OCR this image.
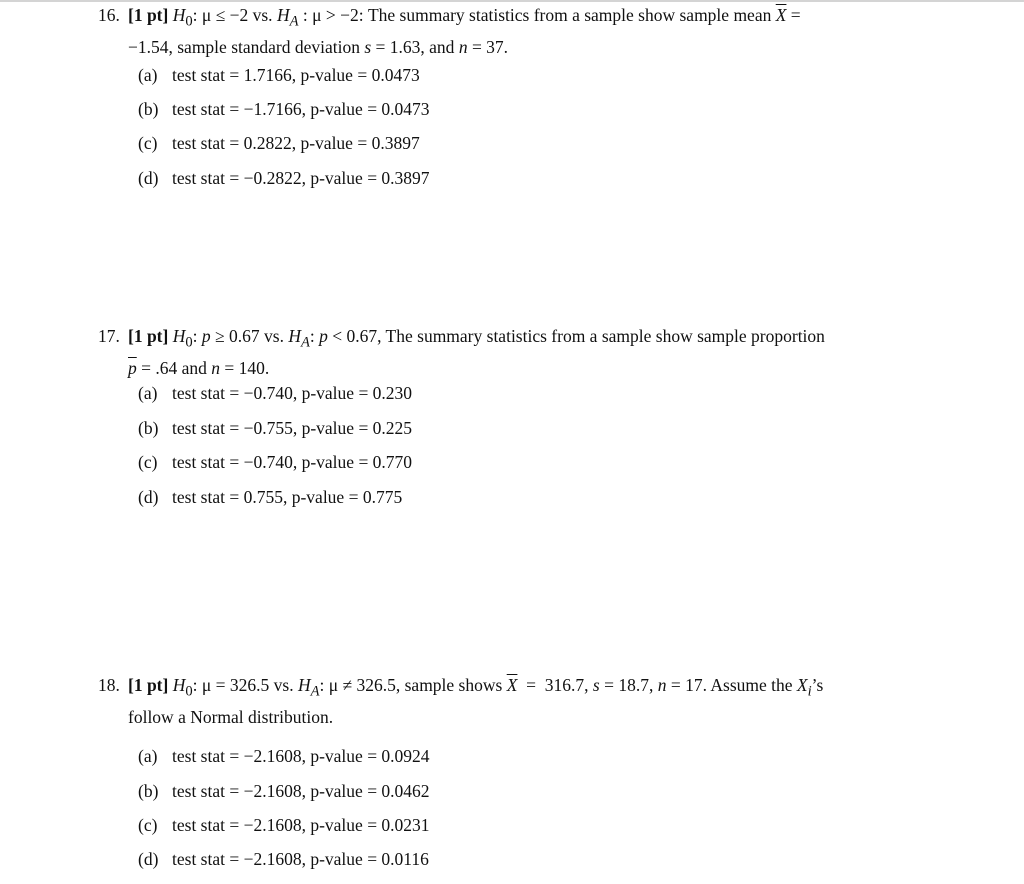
16. [1 pt] $H_0$: μ ≤ −2 vs. $H_A$ : μ > −2: The summary statistics from a sample show sample mean $\overline{X}$ =
−1.54, sample standard deviation s = 1.63, and n = 37.
(a) test stat = 1.7166, p-value = 0.0473
(b) test stat = −1.7166, p-value = 0.0473
(c) test stat = 0.2822, p-value = 0.3897
(d) test stat = −0.2822, p-value = 0.3897
17. [1 pt] $H_0$: p ≥ 0.67 vs. $H_A$: p < 0.67, The summary statistics from a sample show sample proportion
$\overline{p} = .64$ and n = 140.
(a) test stat = −0.740, p-value = 0.230
(b) test stat = −0.755, p-value = 0.225
(c) test stat = −0.740, p-value = 0.770
(d) test stat = 0.755, p-value = 0.775
18. [1 pt] $H_0$: μ = 326.5 vs. $H_A$: μ ≠ 326.5, sample shows $\overline{X} = 316.7$, s = 18.7, n = 17. Assume the $X_i’s$
follow a Normal distribution.
(a) test stat = −2.1608, p-value = 0.0924
(b) test stat = −2.1608, p-value = 0.0462
(c) test stat = −2.1608, p-value = 0.0231
(d) test stat = −2.1608, p-value = 0.0116
